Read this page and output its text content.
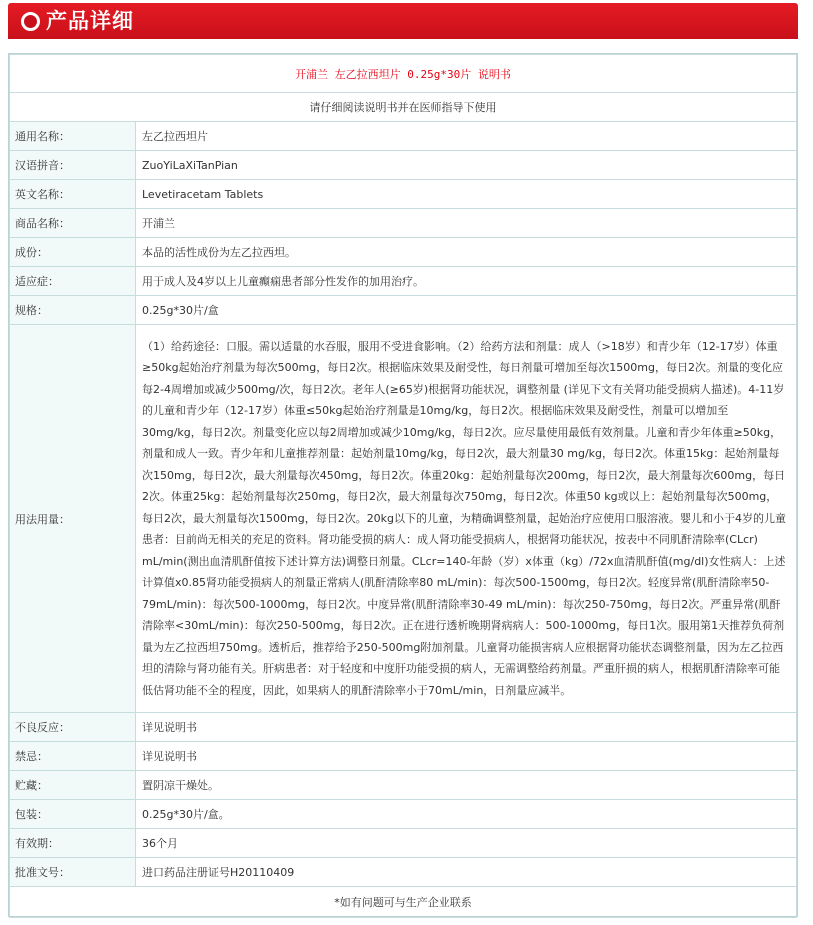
产品详细
开浦兰 左乙拉西坦片 0.25g*30片 说明书	
请仔细阅读说明书并在医师指导下使用	
通用名称：	左乙拉西坦片
汉语拼音：	ZuoYiLaXiTanPian
英文名称：	Levetiracetam Tablets
商品名称：	开浦兰
成份：	本品的活性成份为左乙拉西坦。
适应症：	用于成人及4岁以上儿童癫痫患者部分性发作的加用治疗。
规格：	0.25g*30片/盒
用法用量：	（1）给药途径：口服。需以适量的水吞服，服用不受进食影响。（2）给药方法和剂量：成人（>18岁）和青少年（12-17岁）体重≥50kg起始治疗剂量为每次500mg，每日2次。根据临床效果及耐受性，每日剂量可增加至每次1500mg，每日2次。剂量的变化应每2-4周增加或减少500mg/次，每日2次。老年人(≥65岁)根据肾功能状况，调整剂量 (详见下文有关肾功能受损病人描述)。4-11岁的儿童和青少年（12-17岁）体重≤50kg起始治疗剂量是10mg/kg，每日2次。根据临床效果及耐受性，剂量可以增加至30mg/kg，每日2次。剂量变化应以每2周增加或减少10mg/kg，每日2次。应尽量使用最低有效剂量。儿童和青少年体重≥50kg，剂量和成人一致。青少年和儿童推荐剂量：起始剂量10mg/kg，每日2次，最大剂量30 mg/kg，每日2次。体重15kg：起始剂量每次150mg，每日2次，最大剂量每次450mg，每日2次。体重20kg：起始剂量每次200mg，每日2次，最大剂量每次600mg，每日2次。体重25kg：起始剂量每次250mg，每日2次，最大剂量每次750mg，每日2次。体重50 kg或以上：起始剂量每次500mg，每日2次，最大剂量每次1500mg，每日2次。20kg以下的儿童，为精确调整剂量，起始治疗应使用口服溶液。婴儿和小于4岁的儿童患者：目前尚无相关的充足的资料。肾功能受损的病人：成人肾功能受损病人，根据肾功能状况，按表中不同肌酐清除率(CLcr) mL/min(测出血清肌酐值按下述计算方法)调整日剂量。CLcr=140-年龄（岁）x体重（kg）/72x血清肌酐值(mg/dl)女性病人：上述计算值x0.85肾功能受损病人的剂量正常病人(肌酐清除率80 mL/min)：每次500-1500mg，每日2次。轻度异常(肌酐清除率50-79mL/min)：每次500-1000mg，每日2次。中度异常(肌酐清除率30-49 mL/min)：每次250-750mg，每日2次。严重异常(肌酐清除率<30mL/min)：每次250-500mg，每日2次。正在进行透析晚期肾病病人：500-1000mg，每日1次。服用第1天推荐负荷剂量为左乙拉西坦750mg。透析后，推荐给予250-500mg附加剂量。儿童肾功能损害病人应根据肾功能状态调整剂量，因为左乙拉西坦的清除与肾功能有关。肝病患者：对于轻度和中度肝功能受损的病人，无需调整给药剂量。严重肝损的病人，根据肌酐清除率可能低估肾功能不全的程度，因此，如果病人的肌酐清除率小于70mL/min，日剂量应减半。
不良反应：	详见说明书
禁忌：	详见说明书
贮藏：	置阴凉干燥处。
包装：	0.25g*30片/盒。
有效期：	36个月
批准文号：	进口药品注册证号H20110409
*如有问题可与生产企业联系	
